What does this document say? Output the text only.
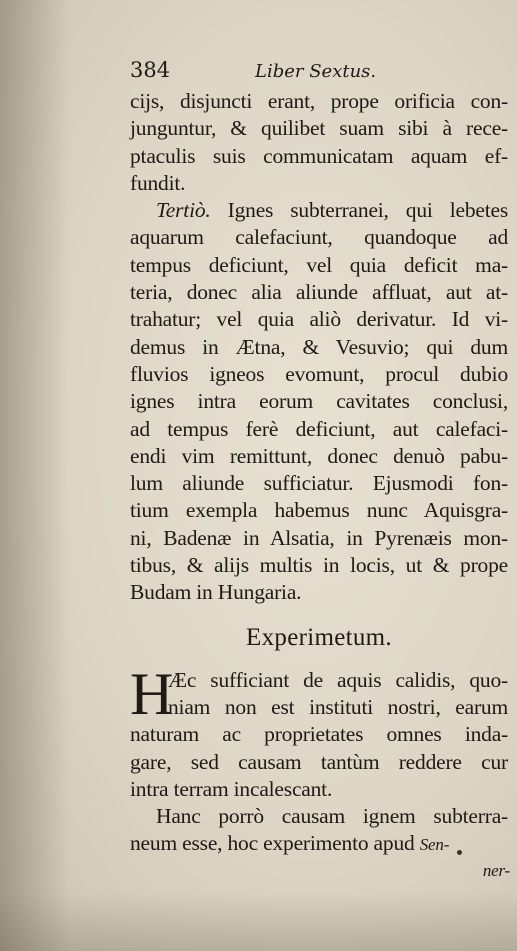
384	Liber Sextus.
cijs, disjuncti erant, prope orificia con-
junguntur, & quilibet suam sibi à rece-
ptaculis suis communicatam aquam ef-
fundit.
Tertiò. Ignes subterranei, qui lebetes
aquarum calefaciunt, quandoque ad
tempus deficiunt, vel quia deficit ma-
teria, donec alia aliunde affluat, aut at-
trahatur; vel quia aliò derivatur. Id vi-
demus in Ætna, & Vesuvio; qui dum
fluvios igneos evomunt, procul dubio
ignes intra eorum cavitates conclusi,
ad tempus ferè deficiunt, aut calefaci-
endi vim remittunt, donec denuò pabu-
lum aliunde sufficiatur. Ejusmodi fon-
tium exempla habemus nunc Aquisgra-
ni, Badenæ in Alsatia, in Pyrenæis mon-
tibus, & alijs multis in locis, ut & prope
Budam in Hungaria.
Experimetum.
H
Æc sufficiant de aquis calidis, quo-
niam non est instituti nostri, earum
naturam ac proprietates omnes inda-
gare, sed causam tantùm reddere cur
intra terram incalescant.
Hanc porrò causam ignem subterra-
neum esse, hoc experimento apud Sen-
ner-
